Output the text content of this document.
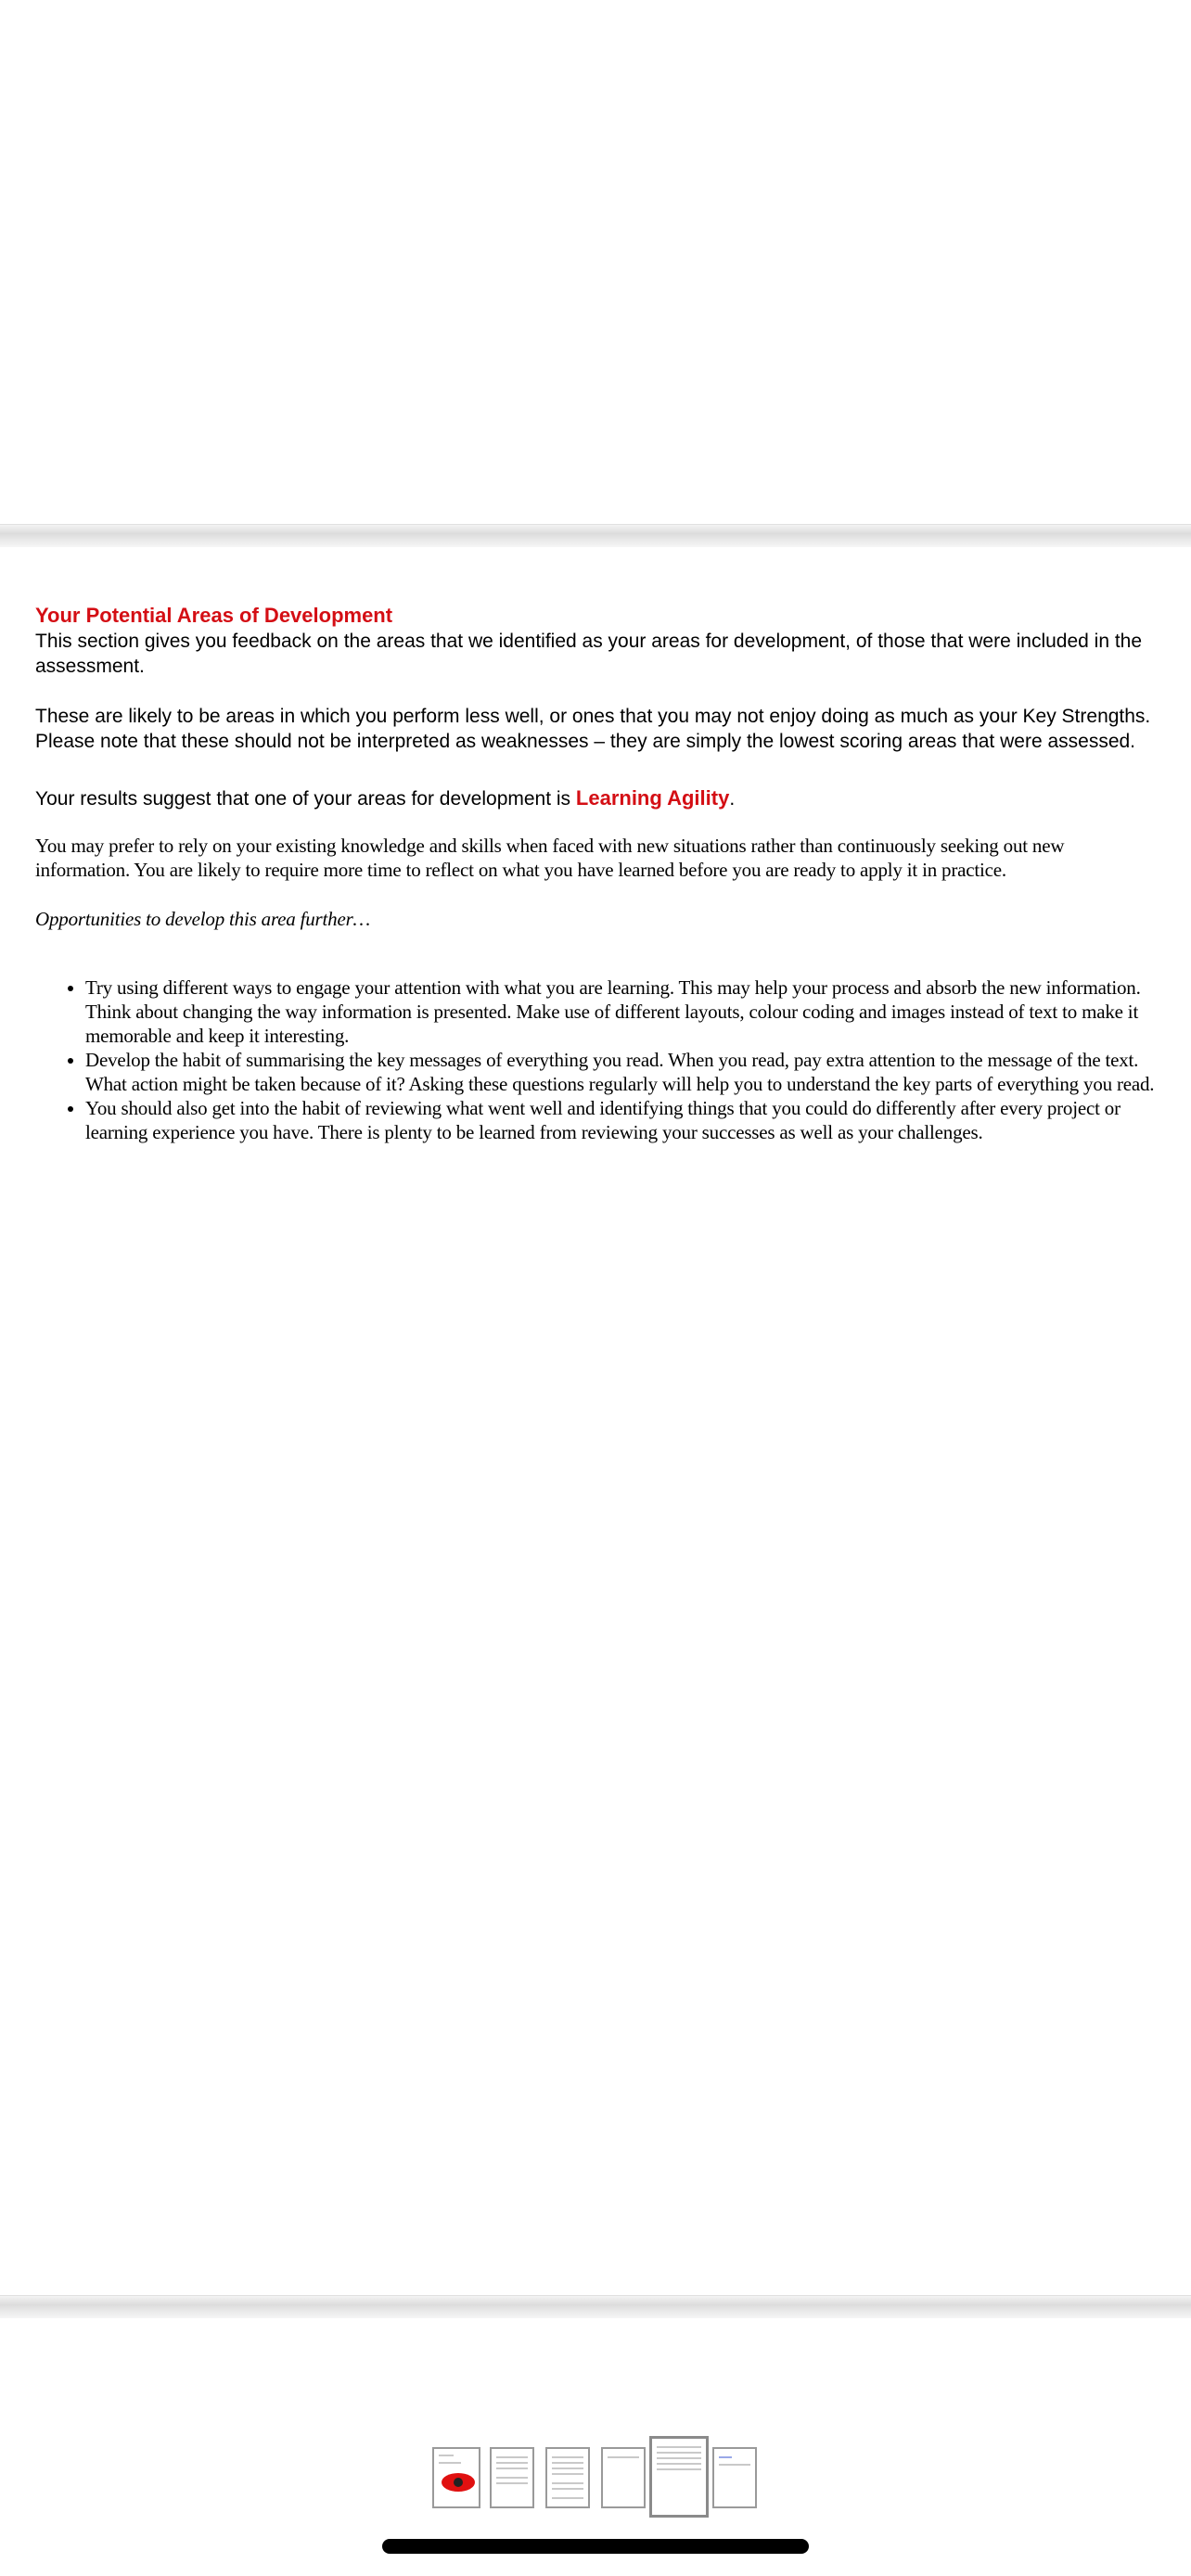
Your Potential Areas of Development

This section gives you feedback on the areas that we identified as your areas for development, of those that were included in the assessment.

These are likely to be areas in which you perform less well, or ones that you may not enjoy doing as much as your Key Strengths. Please note that these should not be interpreted as weaknesses – they are simply the lowest scoring areas that were assessed.

Your results suggest that one of your areas for development is Learning Agility.

You may prefer to rely on your existing knowledge and skills when faced with new situations rather than continuously seeking out new information. You are likely to require more time to reflect on what you have learned before you are ready to apply it in practice.

Opportunities to develop this area further…

• Try using different ways to engage your attention with what you are learning. This may help your process and absorb the new information. Think about changing the way information is presented. Make use of different layouts, colour coding and images instead of text to make it memorable and keep it interesting.
• Develop the habit of summarising the key messages of everything you read. When you read, pay extra attention to the message of the text. What action might be taken because of it? Asking these questions regularly will help you to understand the key parts of everything you read.
• You should also get into the habit of reviewing what went well and identifying things that you could do differently after every project or learning experience you have. There is plenty to be learned from reviewing your successes as well as your challenges.
